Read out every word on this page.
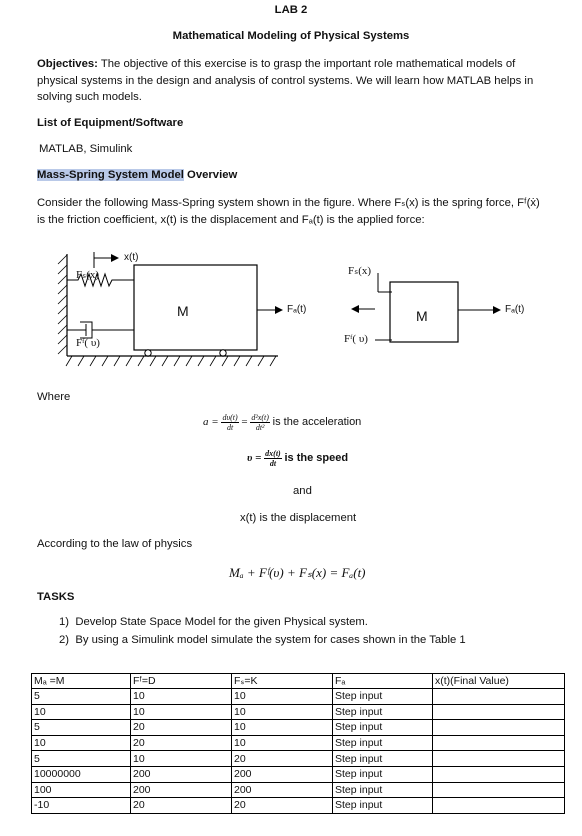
LAB 2
Mathematical Modeling of Physical Systems
Objectives: The objective of this exercise is to grasp the important role mathematical models of
physical systems in the design and analysis of control systems. We will learn how MATLAB helps in
solving such models.
List of Equipment/Software
MATLAB, Simulink
Mass-Spring System Model Overview
Consider the following Mass-Spring system shown in the figure. Where Fₛ(x) is the spring force, Fᶠ(ẋ)
is the friction coefficient, x(t) is the displacement and Fₐ(t) is the applied force:
x(t)
Fₛ(x)
M	Fₐ(t)
Fᶠ( υ)
Fₛ(x)
M	Fₐ(t)
Fᶠ( υ)
Where
$a = \frac{d\upsilon(t)}{dt} = \frac{\text{d²x(t)}}{\text{dt²}}$ is the acceleration
$\upsilon = \frac{dx(t)}{dt}$ is the speed
and
x(t) is the displacement
According to the law of physics
Mₐ + Fᶠ(υ) + Fₛ(x) = Fₐ(t)
TASKS
1) Develop State Space Model for the given Physical system.
2) By using a Simulink model simulate the system for cases shown in the Table 1
Mₐ =M	Fᶠ=D	Fₛ=K	Fₐ	x(t)(Final Value)
5	10	10	Step input	
10	10	10	Step input	
5	20	10	Step input	
10	20	10	Step input	
5	10	20	Step input	
10000000	200	200	Step input	
100	200	200	Step input	
-10	20	20	Step input	
